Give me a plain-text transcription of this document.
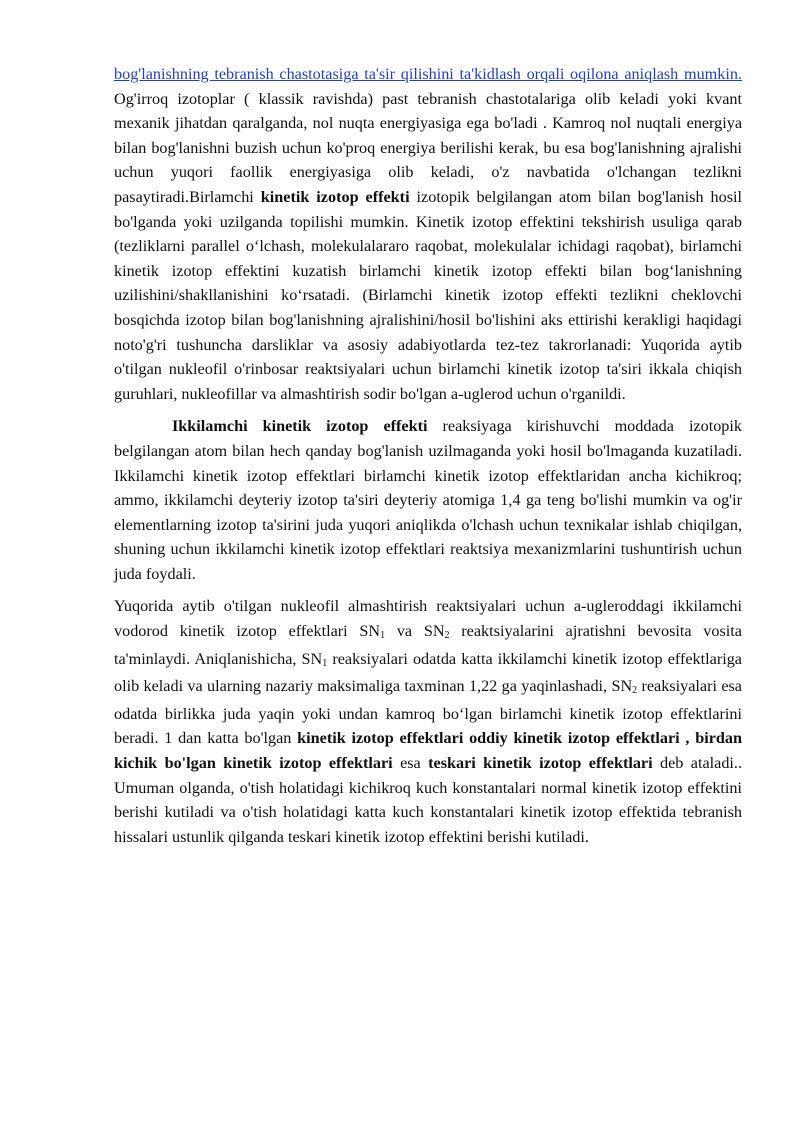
bog'lanishning tebranish chastotasiga ta'sir qilishini ta'kidlash orqali oqilona aniqlash mumkin. Og'irroq izotoplar ( klassik ravishda) past tebranish chastotalariga olib keladi yoki kvant mexanik jihatdan qaralganda, nol nuqta energiyasiga ega bo'ladi . Kamroq nol nuqtali energiya bilan bog'lanishni buzish uchun ko'proq energiya berilishi kerak, bu esa bog'lanishning ajralishi uchun yuqori faollik energiyasiga olib keladi, o'z navbatida o'lchangan tezlikni pasaytiradi.Birlamchi kinetik izotop effekti izotopik belgilangan atom bilan bog'lanish hosil bo'lganda yoki uzilganda topilishi mumkin. Kinetik izotop effektini tekshirish usuliga qarab (tezliklarni parallel o‘lchash, molekulalararo raqobat, molekulalar ichidagi raqobat), birlamchi kinetik izotop effektini kuzatish birlamchi kinetik izotop effekti bilan bog‘lanishning uzilishini/shakllanishini ko‘rsatadi. (Birlamchi kinetik izotop effekti tezlikni cheklovchi bosqichda izotop bilan bog'lanishning ajralishini/hosil bo'lishini aks ettirishi kerakligi haqidagi noto'g'ri tushuncha darsliklar va asosiy adabiyotlarda tez-tez takrorlanadi: Yuqorida aytib o'tilgan nukleofil o'rinbosar reaktsiyalari uchun birlamchi kinetik izotop ta'siri ikkala chiqish guruhlari, nukleofillar va almashtirish sodir bo'lgan a-uglerod uchun o'rganildi.

Ikkilamchi kinetik izotop effekti reaksiyaga kirishuvchi moddada izotopik belgilangan atom bilan hech qanday bog'lanish uzilmaganda yoki hosil bo'lmaganda kuzatiladi. Ikkilamchi kinetik izotop effektlari birlamchi kinetik izotop effektlaridan ancha kichikroq; ammo, ikkilamchi deyteriy izotop ta'siri deyteriy atomiga 1,4 ga teng bo'lishi mumkin va og'ir elementlarning izotop ta'sirini juda yuqori aniqlikda o'lchash uchun texnikalar ishlab chiqilgan, shuning uchun ikkilamchi kinetik izotop effektlari reaktsiya mexanizmlarini tushuntirish uchun juda foydali.

Yuqorida aytib o'tilgan nukleofil almashtirish reaktsiyalari uchun a-ugleroddagi ikkilamchi vodorod kinetik izotop effektlari $SN_1$ va $SN_2$ reaktsiyalarini ajratishni bevosita vosita ta'minlaydi. Aniqlanishicha, $SN_1$ reaksiyalari odatda katta ikkilamchi kinetik izotop effektlariga olib keladi va ularning nazariy maksimaliga taxminan 1,22 ga yaqinlashadi, $SN_2$ reaksiyalari esa odatda birlikka juda yaqin yoki undan kamroq bo‘lgan birlamchi kinetik izotop effektlarini beradi. 1 dan katta bo'lgan kinetik izotop effektlari oddiy kinetik izotop effektlari , birdan kichik bo'lgan kinetik izotop effektlari esa teskari kinetik izotop effektlari deb ataladi.. Umuman olganda, o'tish holatidagi kichikroq kuch konstantalari normal kinetik izotop effektini berishi kutiladi va o'tish holatidagi katta kuch konstantalari kinetik izotop effektida tebranish hissalari ustunlik qilganda teskari kinetik izotop effektini berishi kutiladi.
